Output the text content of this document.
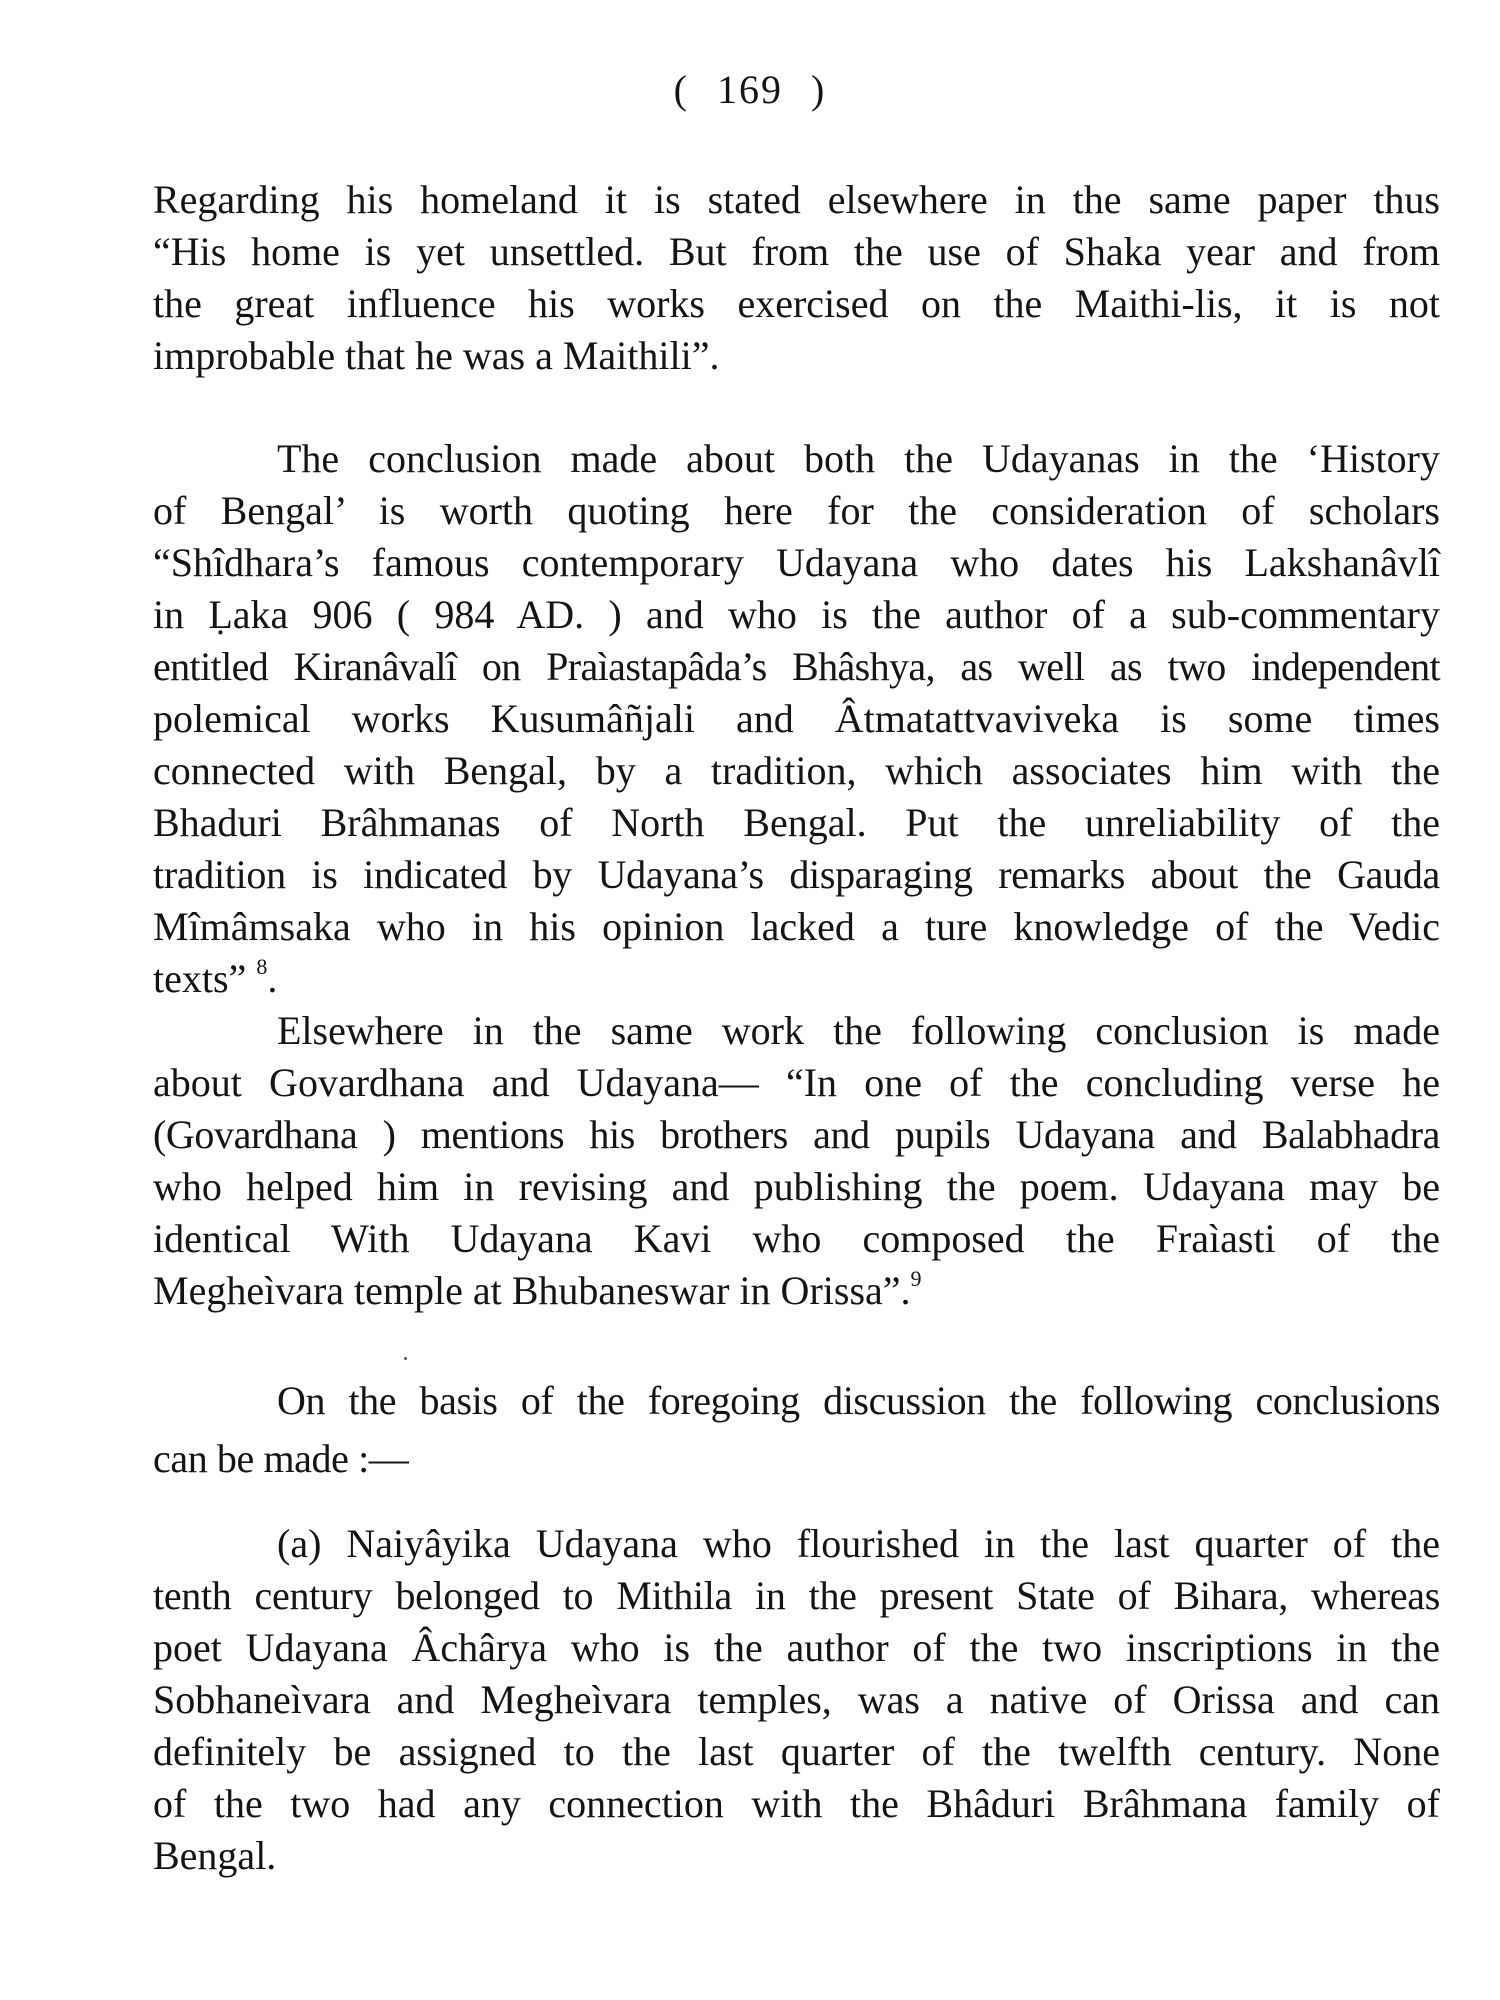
( 169 )
Regarding his homeland it is stated elsewhere in the same paper thus
“His home is yet unsettled. But from the use of Shaka year and from
the great influence his works exercised on the Maithi-lis, it is not
improbable that he was a Maithili”.
The conclusion made about both the Udayanas in the ‘History
of Bengal’ is worth quoting here for the consideration of scholars
“Shîdhara’s famous contemporary Udayana who dates his Lakshanâvlî
in Ḷaka 906 ( 984 AD. ) and who is the author of a sub-commentary
entitled Kiranâvalî on Praìastapâda’s Bhâshya, as well as two independent
polemical works Kusumâñjali and Âtmatattvaviveka is some times
connected with Bengal, by a tradition, which associates him with the
Bhaduri Brâhmanas of North Bengal. Put the unreliability of the
tradition is indicated by Udayana’s disparaging remarks about the Gauda
Mîmâmsaka who in his opinion lacked a ture knowledge of the Vedic
texts” $^8$.
Elsewhere in the same work the following conclusion is made
about Govardhana and Udayana— “In one of the concluding verse he
(Govardhana ) mentions his brothers and pupils Udayana and Balabhadra
who helped him in revising and publishing the poem. Udayana may be
identical With Udayana Kavi who composed the Fraìasti of the
Megheìvara temple at Bhubaneswar in Orissa”.$^9$
On the basis of the foregoing discussion the following conclusions
can be made :—
(a) Naiyâyika Udayana who flourished in the last quarter of the
tenth century belonged to Mithila in the present State of Bihara, whereas
poet Udayana Âchârya who is the author of the two inscriptions in the
Sobhaneìvara and Megheìvara temples, was a native of Orissa and can
definitely be assigned to the last quarter of the twelfth century. None
of the two had any connection with the Bhâduri Brâhmana family of
Bengal.
